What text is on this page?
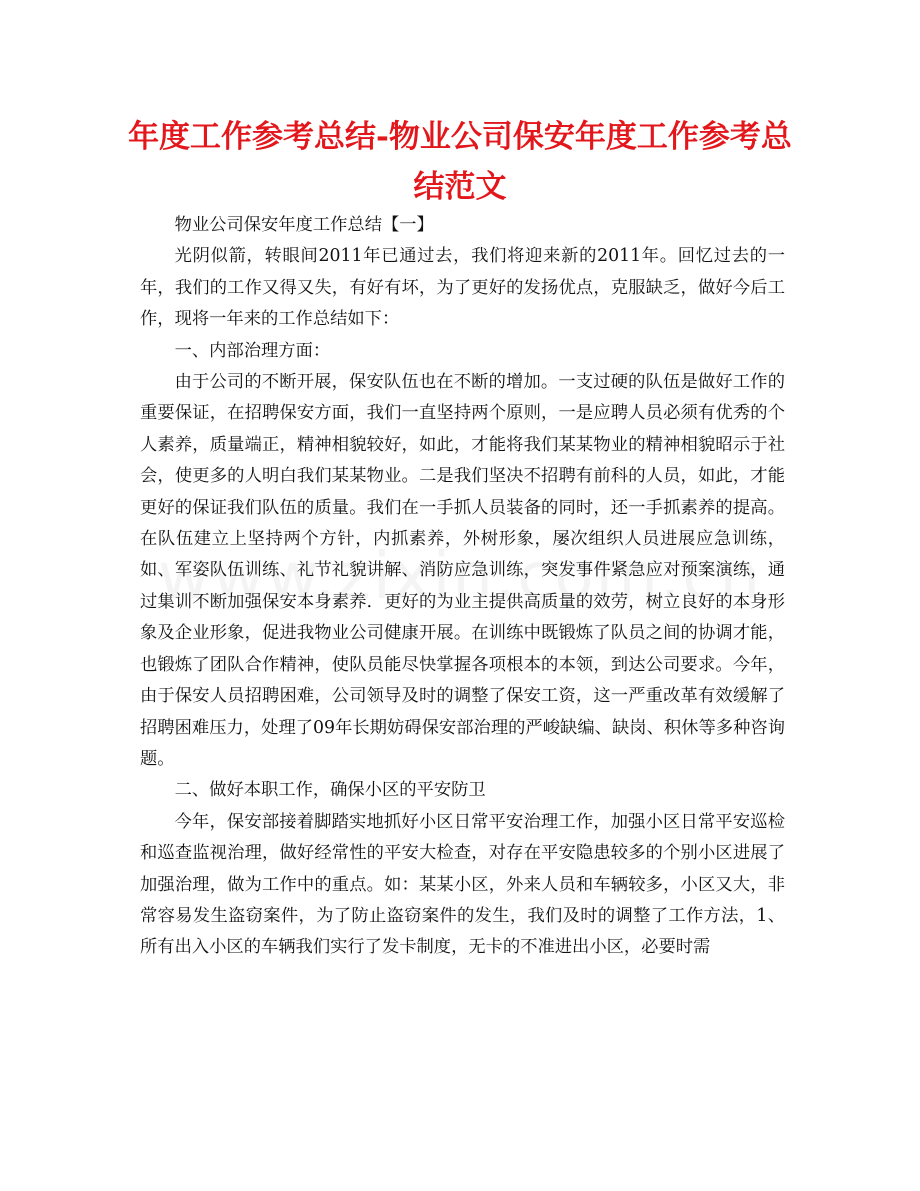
年度工作参考总结-物业公司保安年度工作参考总结范文

物业公司保安年度工作总结【一】

光阴似箭，转眼间2011年已通过去，我们将迎来新的2011年。回忆过去的一年，我们的工作又得又失，有好有坏，为了更好的发扬优点，克服缺乏，做好今后工作，现将一年来的工作总结如下：

一、内部治理方面：

由于公司的不断开展，保安队伍也在不断的增加。一支过硬的队伍是做好工作的重要保证，在招聘保安方面，我们一直坚持两个原则，一是应聘人员必须有优秀的个人素养，质量端正，精神相貌较好，如此，才能将我们某某物业的精神相貌昭示于社会，使更多的人明白我们某某物业。二是我们坚决不招聘有前科的人员，如此，才能更好的保证我们队伍的质量。我们在一手抓人员装备的同时，还一手抓素养的提高。在队伍建立上坚持两个方针，内抓素养，外树形象，屡次组织人员进展应急训练，如、军姿队伍训练、礼节礼貌讲解、消防应急训练，突发事件紧急应对预案演练，通过集训不断加强保安本身素养．更好的为业主提供高质量的效劳，树立良好的本身形象及企业形象，促进我物业公司健康开展。在训练中既锻炼了队员之间的协调才能，也锻炼了团队合作精神，使队员能尽快掌握各项根本的本领，到达公司要求。今年，由于保安人员招聘困难，公司领导及时的调整了保安工资，这一严重改革有效缓解了招聘困难压力，处理了09年长期妨碍保安部治理的严峻缺编、缺岗、积休等多种咨询题。

二、做好本职工作，确保小区的平安防卫

今年，保安部接着脚踏实地抓好小区日常平安治理工作，加强小区日常平安巡检和巡查监视治理，做好经常性的平安大检查，对存在平安隐患较多的个别小区进展了加强治理，做为工作中的重点。如：某某小区，外来人员和车辆较多，小区又大，非常容易发生盗窃案件，为了防止盗窃案件的发生，我们及时的调整了工作方法，1、所有出入小区的车辆我们实行了发卡制度，无卡的不准进出小区，必要时需
